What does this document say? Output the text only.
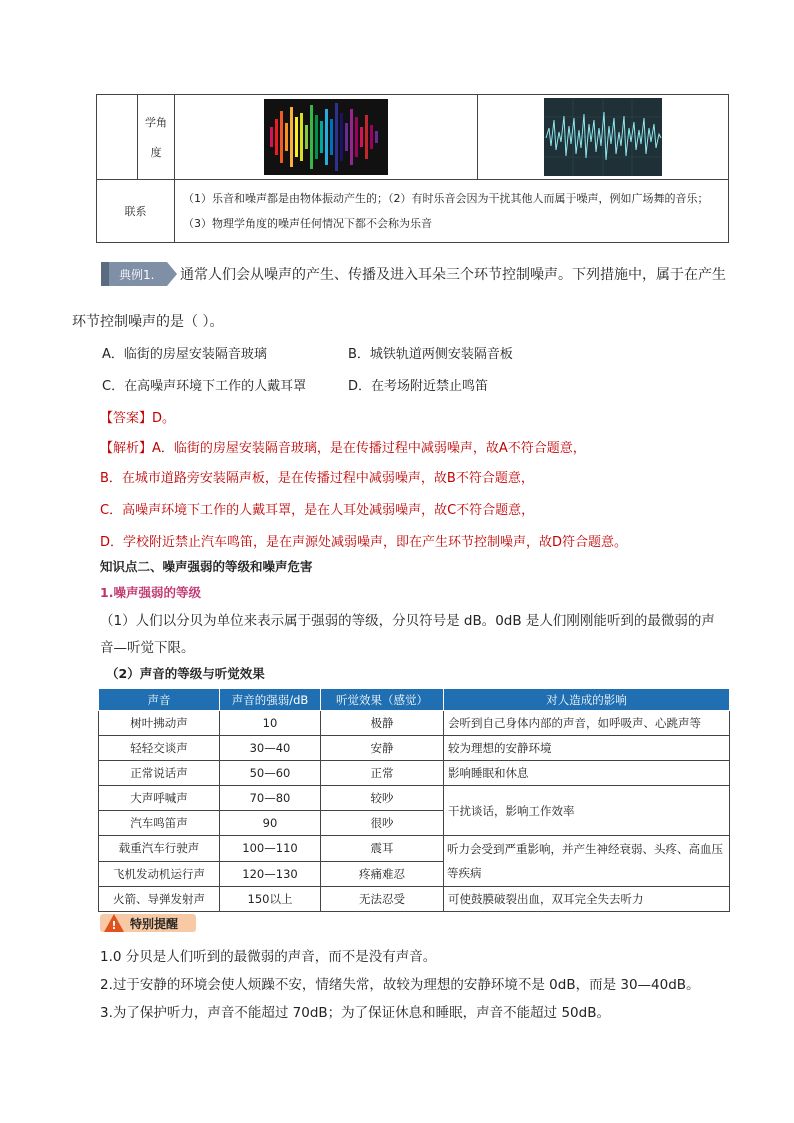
	学角
度		
联系		（1）乐音和噪声都是由物体振动产生的；（2）有时乐音会因为干扰其他人而属于噪声，例如广场舞的音乐；（3）物理学角度的噪声任何情况下都不会称为乐音	
典例1. 通常人们会从噪声的产生、传播及进入耳朵三个环节控制噪声。下列措施中，属于在产生
环节控制噪声的是（ ）。
A．临街的房屋安装隔音玻璃	B．城铁轨道两侧安装隔音板
C．在高噪声环境下工作的人戴耳罩	D．在考场附近禁止鸣笛
【答案】D。
【解析】A．临街的房屋安装隔音玻璃，是在传播过程中减弱噪声，故A不符合题意，
B．在城市道路旁安装隔声板，是在传播过程中减弱噪声，故B不符合题意，
C．高噪声环境下工作的人戴耳罩，是在人耳处减弱噪声，故C不符合题意，
D．学校附近禁止汽车鸣笛，是在声源处减弱噪声，即在产生环节控制噪声，故D符合题意。
知识点二、噪声强弱的等级和噪声危害
1.噪声强弱的等级
（1）人们以分贝为单位来表示属于强弱的等级，分贝符号是 dB。0dB 是人们刚刚能听到的最微弱的声
音—听觉下限。
（2）声音的等级与听觉效果
声音	声音的强弱/dB	听觉效果（感觉）	对人造成的影响
树叶拂动声	10	极静	会听到自己身体内部的声音，如呼吸声、心跳声等
轻轻交谈声	30—40	安静	较为理想的安静环境
正常说话声	50—60	正常	影响睡眠和休息
大声呼喊声	70—80	较吵	干扰谈话，影响工作效率
汽车鸣笛声	90	很吵	
载重汽车行驶声	100—110	震耳	听力会受到严重影响，并产生神经衰弱、头疼、高血压等疾病
飞机发动机运行声	120—130	疼痛难忍	
火箭、导弹发射声	150以上	无法忍受	可使鼓膜破裂出血，双耳完全失去听力
! 特别提醒
1.0 分贝是人们听到的最微弱的声音，而不是没有声音。
2.过于安静的环境会使人烦躁不安，情绪失常，故较为理想的安静环境不是 0dB，而是 30—40dB。
3.为了保护听力，声音不能超过 70dB；为了保证休息和睡眠，声音不能超过 50dB。
